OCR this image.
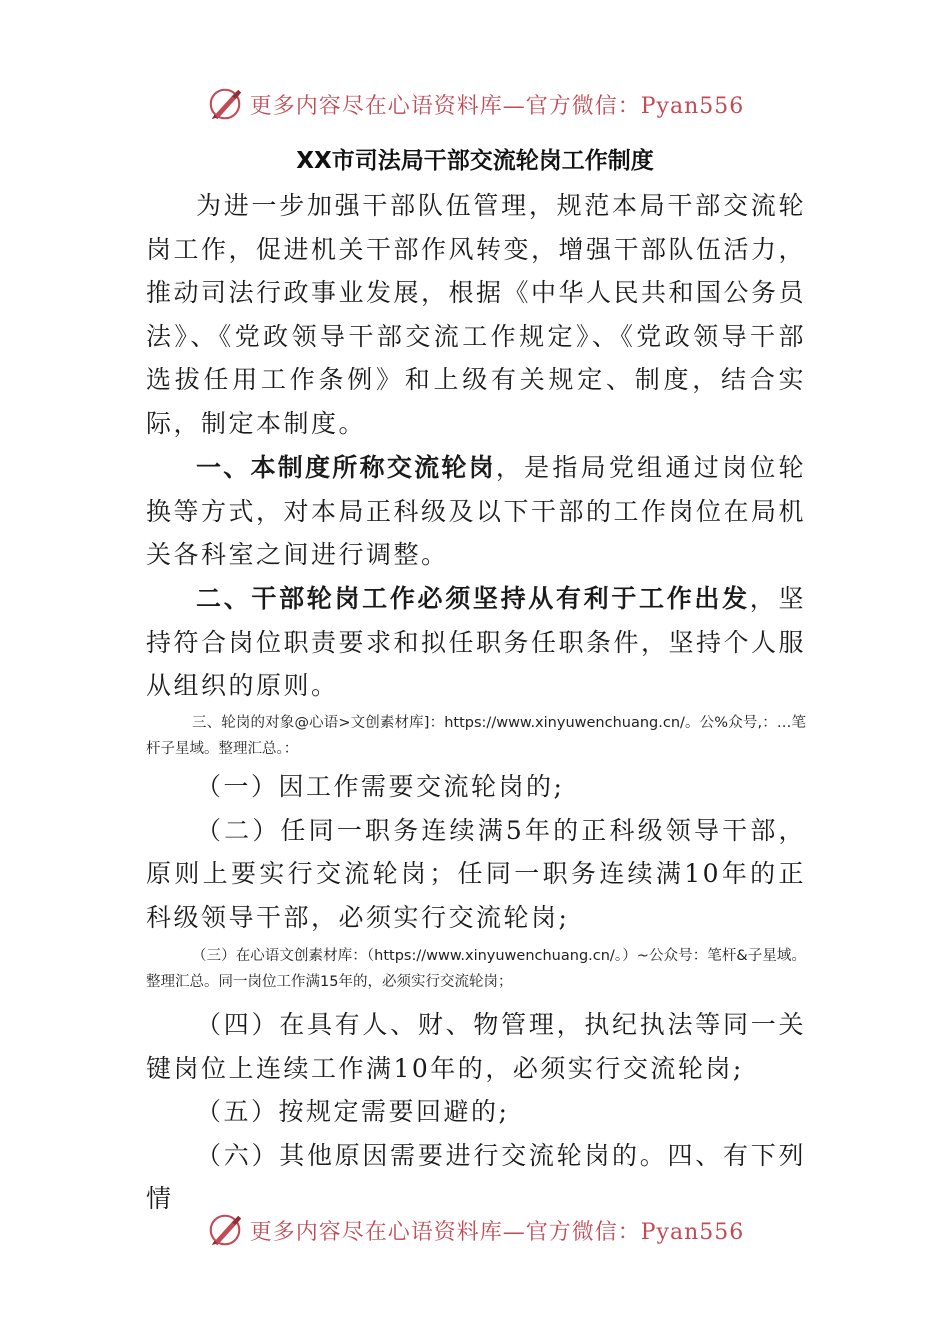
更多内容尽在心语资料库—官方微信：Pyan556
XX市司法局干部交流轮岗工作制度

为进一步加强干部队伍管理，规范本局干部交流轮岗工作，促进机关干部作风转变，增强干部队伍活力，推动司法行政事业发展，根据《中华人民共和国公务员法》、《党政领导干部交流工作规定》、《党政领导干部选拔任用工作条例》和上级有关规定、制度，结合实际，制定本制度。

一、本制度所称交流轮岗，是指局党组通过岗位轮换等方式，对本局正科级及以下干部的工作岗位在局机关各科室之间进行调整。

二、干部轮岗工作必须坚持从有利于工作出发，坚持符合岗位职责要求和拟任职务任职条件，坚持个人服从组织的原则。

三、轮岗的对象@心语>文创素材库]：https://www.xinyuwenchuang.cn/。公%众号,：…笔杆子星域。整理汇总。：

（一）因工作需要交流轮岗的;

（二）任同一职务连续满5年的正科级领导干部，原则上要实行交流轮岗；任同一职务连续满10年的正科级领导干部，必须实行交流轮岗;

（三）在心语文创素材库：（https://www.xinyuwenchuang.cn/。）~公众号：笔杆&子星域。整理汇总。同一岗位工作满15年的，必须实行交流轮岗；

（四）在具有人、财、物管理，执纪执法等同一关键岗位上连续工作满10年的，必须实行交流轮岗;

（五）按规定需要回避的;

（六）其他原因需要进行交流轮岗的。四、有下列情

更多内容尽在心语资料库—官方微信：Pyan556
